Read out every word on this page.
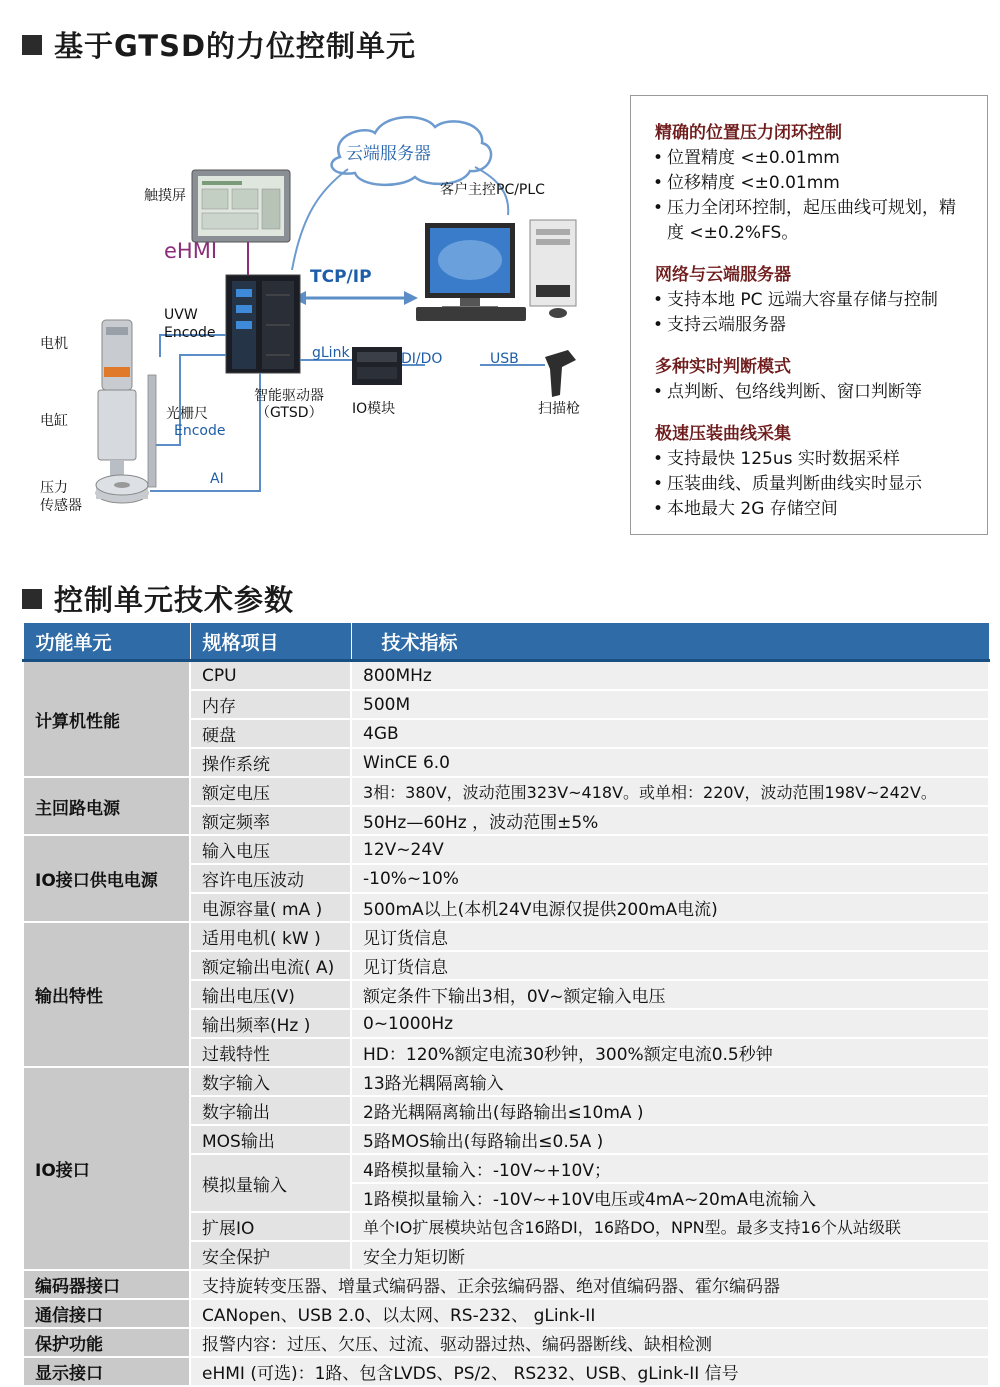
基于GTSD的力位控制单元
云端服务器
客户主控PC/PLC
触摸屏
eHMI
TCP/IP
UVW
Encode
gLink	DI/DO	USB
电机
电缸	光栅尺
Encode
智能驱动器
（GTSD） IO模块	扫描枪
AI
压力
传感器
精确的位置压力闭环控制
• 位置精度 <±0.01mm
• 位移精度 <±0.01mm
• 压力全闭环控制，起压曲线可规划，精度 <±0.2%FS。
网络与云端服务器
• 支持本地 PC 远端大容量存储与控制
• 支持云端服务器
多种实时判断模式
• 点判断、包络线判断、窗口判断等
极速压装曲线采集
• 支持最快 125us 实时数据采样
• 压装曲线、质量判断曲线实时显示
• 本地最大 2G 存储空间
控制单元技术参数
功能单元	规格项目	技术指标
计算机性能	CPU	800MHz
	内存	500M
	硬盘	4GB
	操作系统	WinCE 6.0
主回路电源	额定电压	3相：380V，波动范围323V~418V。或单相：220V，波动范围198V~242V。
	额定频率	50Hz—60Hz ，波动范围±5%
IO接口供电电源	输入电压	12V~24V
	容许电压波动	-10%~10%
	电源容量( mA )	500mA以上(本机24V电源仅提供200mA电流)
输出特性	适用电机( kW )	见订货信息
	额定输出电流( A)	见订货信息
	输出电压(V)	额定条件下输出3相，0V~额定输入电压
	输出频率(Hz )	0~1000Hz
	过载特性	HD：120%额定电流30秒钟，300%额定电流0.5秒钟
IO接口	数字输入	13路光耦隔离输入
	数字输出	2路光耦隔离输出(每路输出≤10mA )
	MOS输出	5路MOS输出(每路输出≤0.5A )
	模拟量输入	4路模拟量输入：-10V~+10V；
		1路模拟量输入：-10V~+10V电压或4mA~20mA电流输入
	扩展IO	单个IO扩展模块站包含16路DI，16路DO，NPN型。最多支持16个从站级联
	安全保护	安全力矩切断
编码器接口	支持旋转变压器、增量式编码器、正余弦编码器、绝对值编码器、霍尔编码器	
通信接口	CANopen、USB 2.0、以太网、RS-232、 gLink-II	
保护功能	报警内容：过压、欠压、过流、驱动器过热、编码器断线、缺相检测	
显示接口	eHMI (可选)：1路、包含LVDS、PS/2、 RS232、USB、gLink-II 信号	
